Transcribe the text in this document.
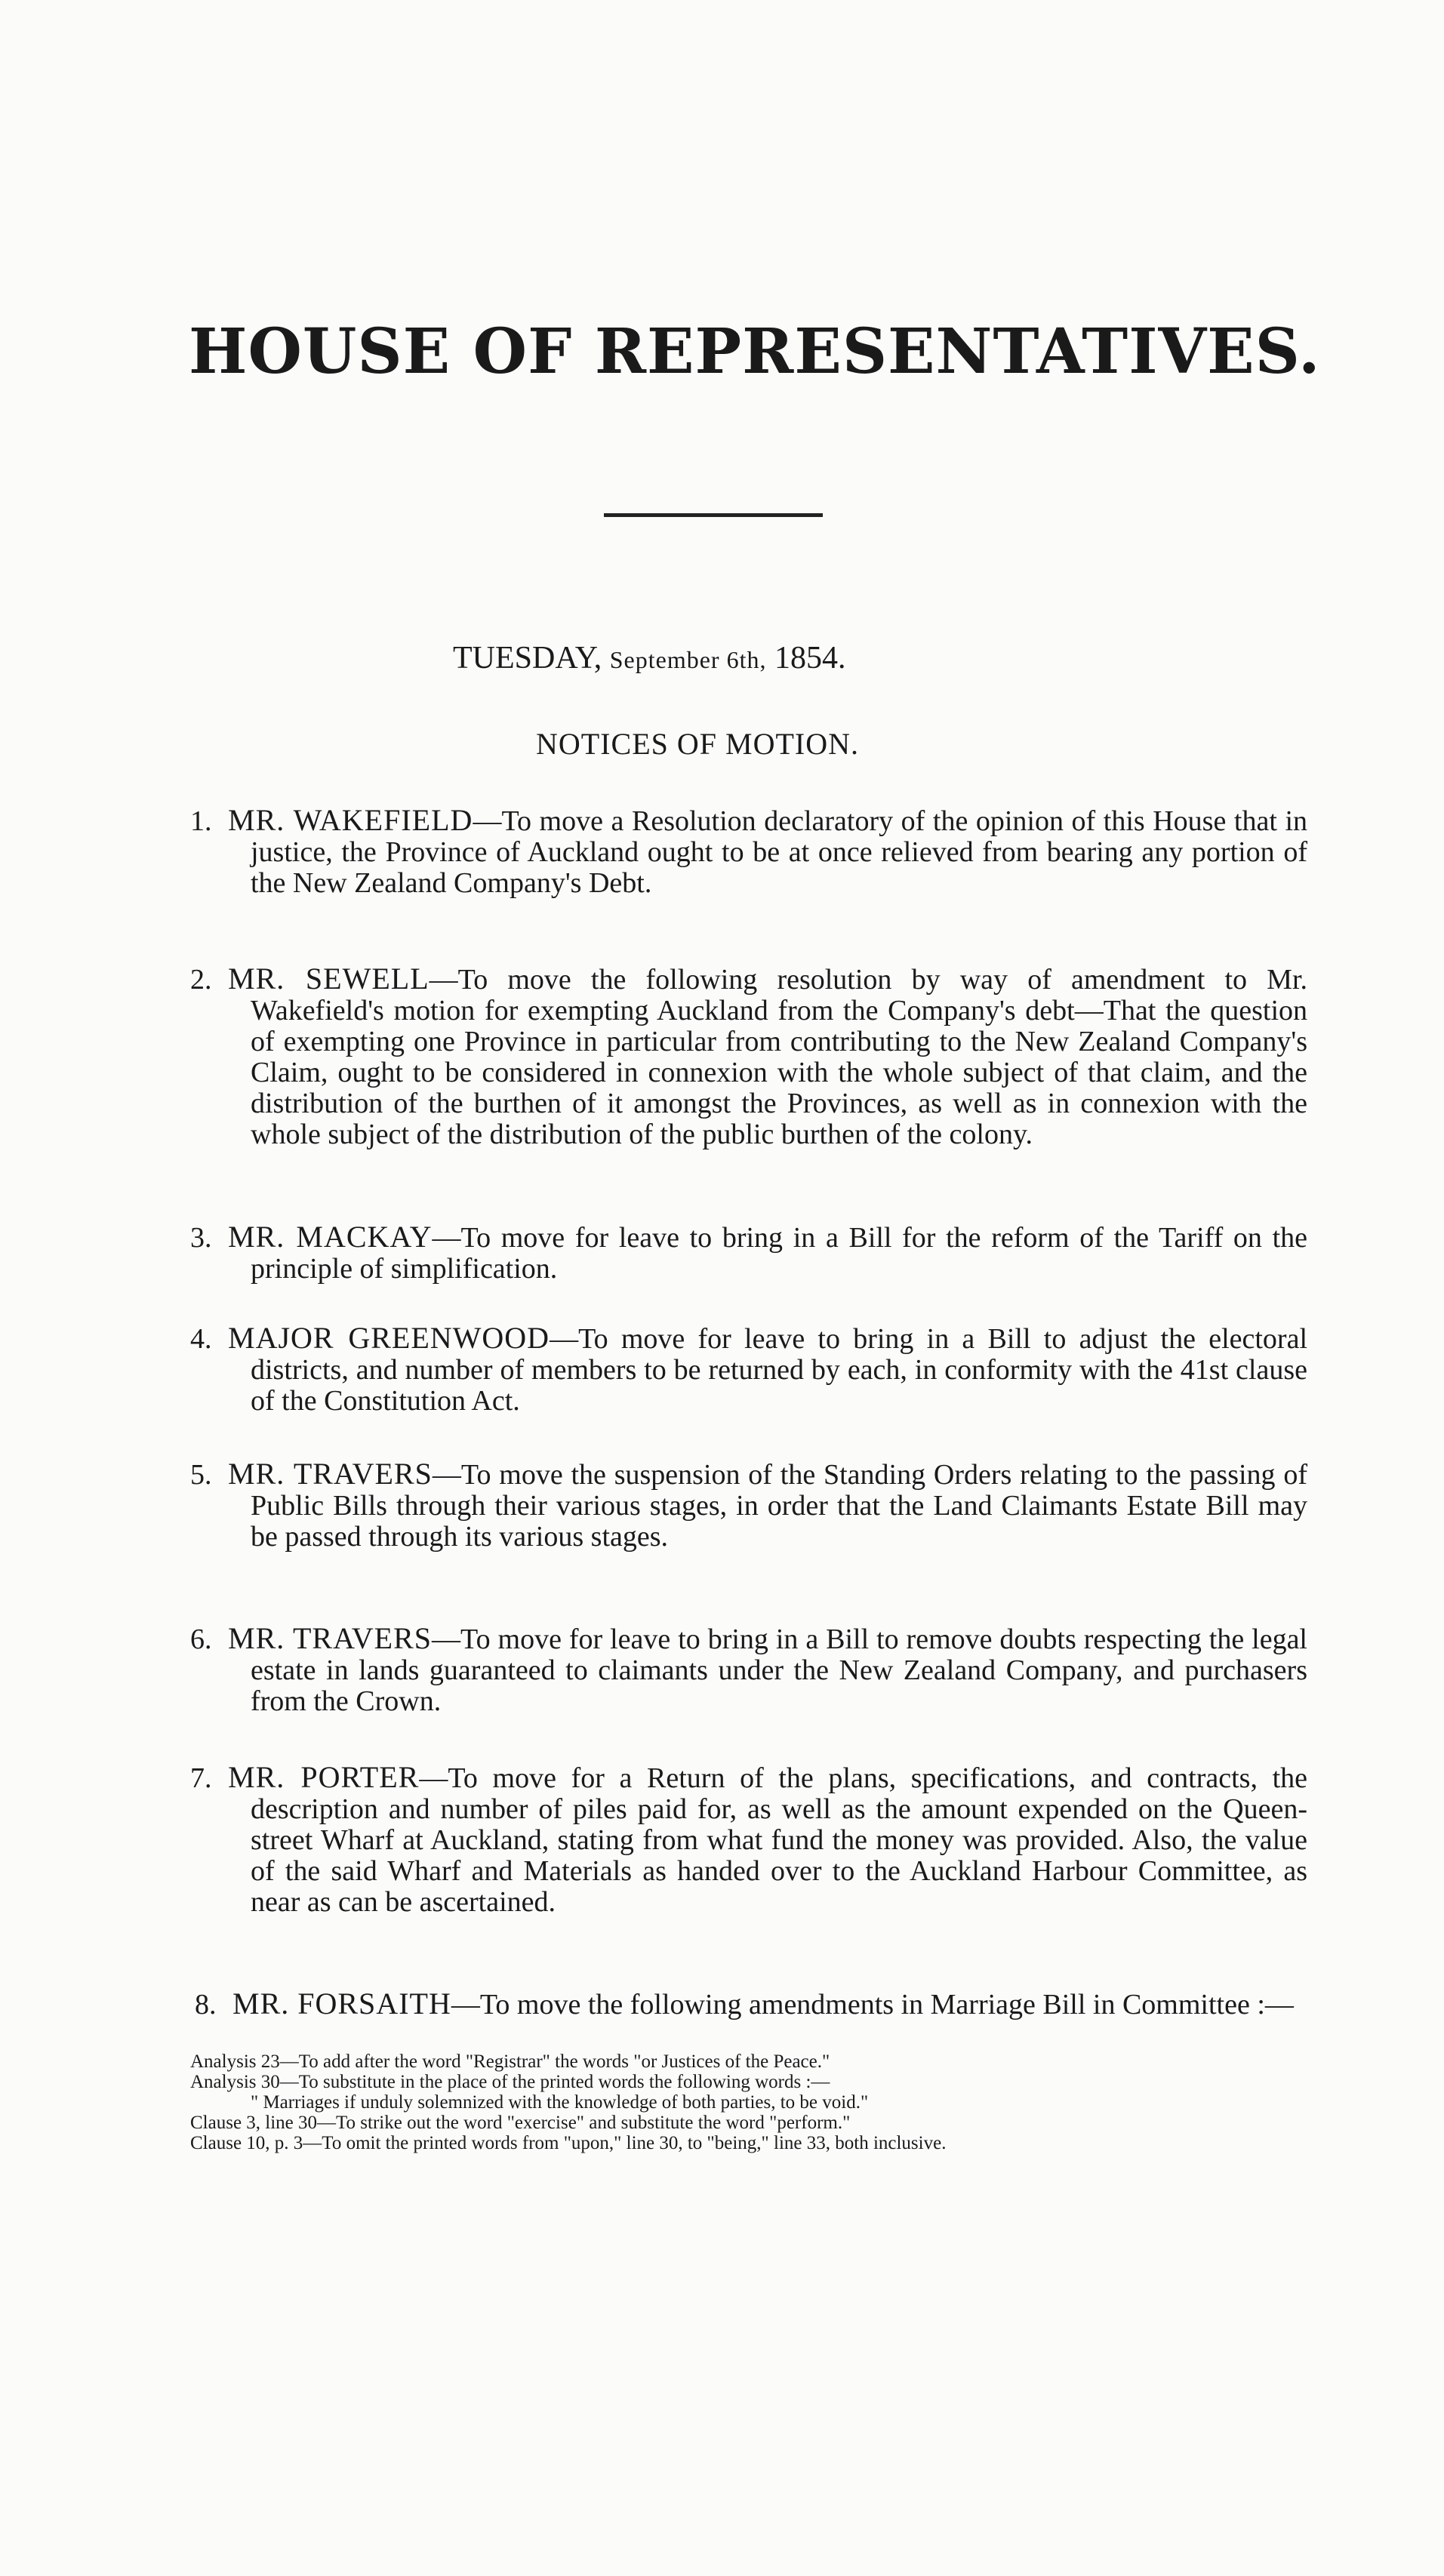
HOUSE OF REPRESENTATIVES.
TUESDAY, September 6th, 1854.
NOTICES OF MOTION.
1. MR. WAKEFIELD—To move a Resolution declaratory of the opinion of this House that in justice, the Province of Auckland ought to be at once relieved from bearing any portion of the New Zealand Company's Debt.
2. MR. SEWELL—To move the following resolution by way of amendment to Mr. Wakefield's motion for exempting Auckland from the Company's debt—That the question of exempting one Province in particular from contributing to the New Zealand Company's Claim, ought to be considered in connexion with the whole subject of that claim, and the distribution of the burthen of it amongst the Provinces, as well as in connexion with the whole subject of the distribution of the public burthen of the colony.
3. MR. MACKAY—To move for leave to bring in a Bill for the reform of the Tariff on the principle of simplification.
4. MAJOR GREENWOOD—To move for leave to bring in a Bill to adjust the electoral districts, and number of members to be returned by each, in conformity with the 41st clause of the Constitution Act.
5. MR. TRAVERS—To move the suspension of the Standing Orders relating to the passing of Public Bills through their various stages, in order that the Land Claimants Estate Bill may be passed through its various stages.
6. MR. TRAVERS—To move for leave to bring in a Bill to remove doubts respecting the legal estate in lands guaranteed to claimants under the New Zealand Company, and purchasers from the Crown.
7. MR. PORTER—To move for a Return of the plans, specifications, and contracts, the description and number of piles paid for, as well as the amount expended on the Queen-street Wharf at Auckland, stating from what fund the money was provided. Also, the value of the said Wharf and Materials as handed over to the Auckland Harbour Committee, as near as can be ascertained.
8. MR. FORSAITH—To move the following amendments in Marriage Bill in Committee :—
Analysis 23—To add after the word "Registrar" the words "or Justices of the Peace."
Analysis 30—To substitute in the place of the printed words the following words :—
" Marriages if unduly solemnized with the knowledge of both parties, to be void."
Clause 3, line 30—To strike out the word "exercise" and substitute the word "perform."
Clause 10, p. 3—To omit the printed words from "upon," line 30, to "being," line 33, both inclusive.
